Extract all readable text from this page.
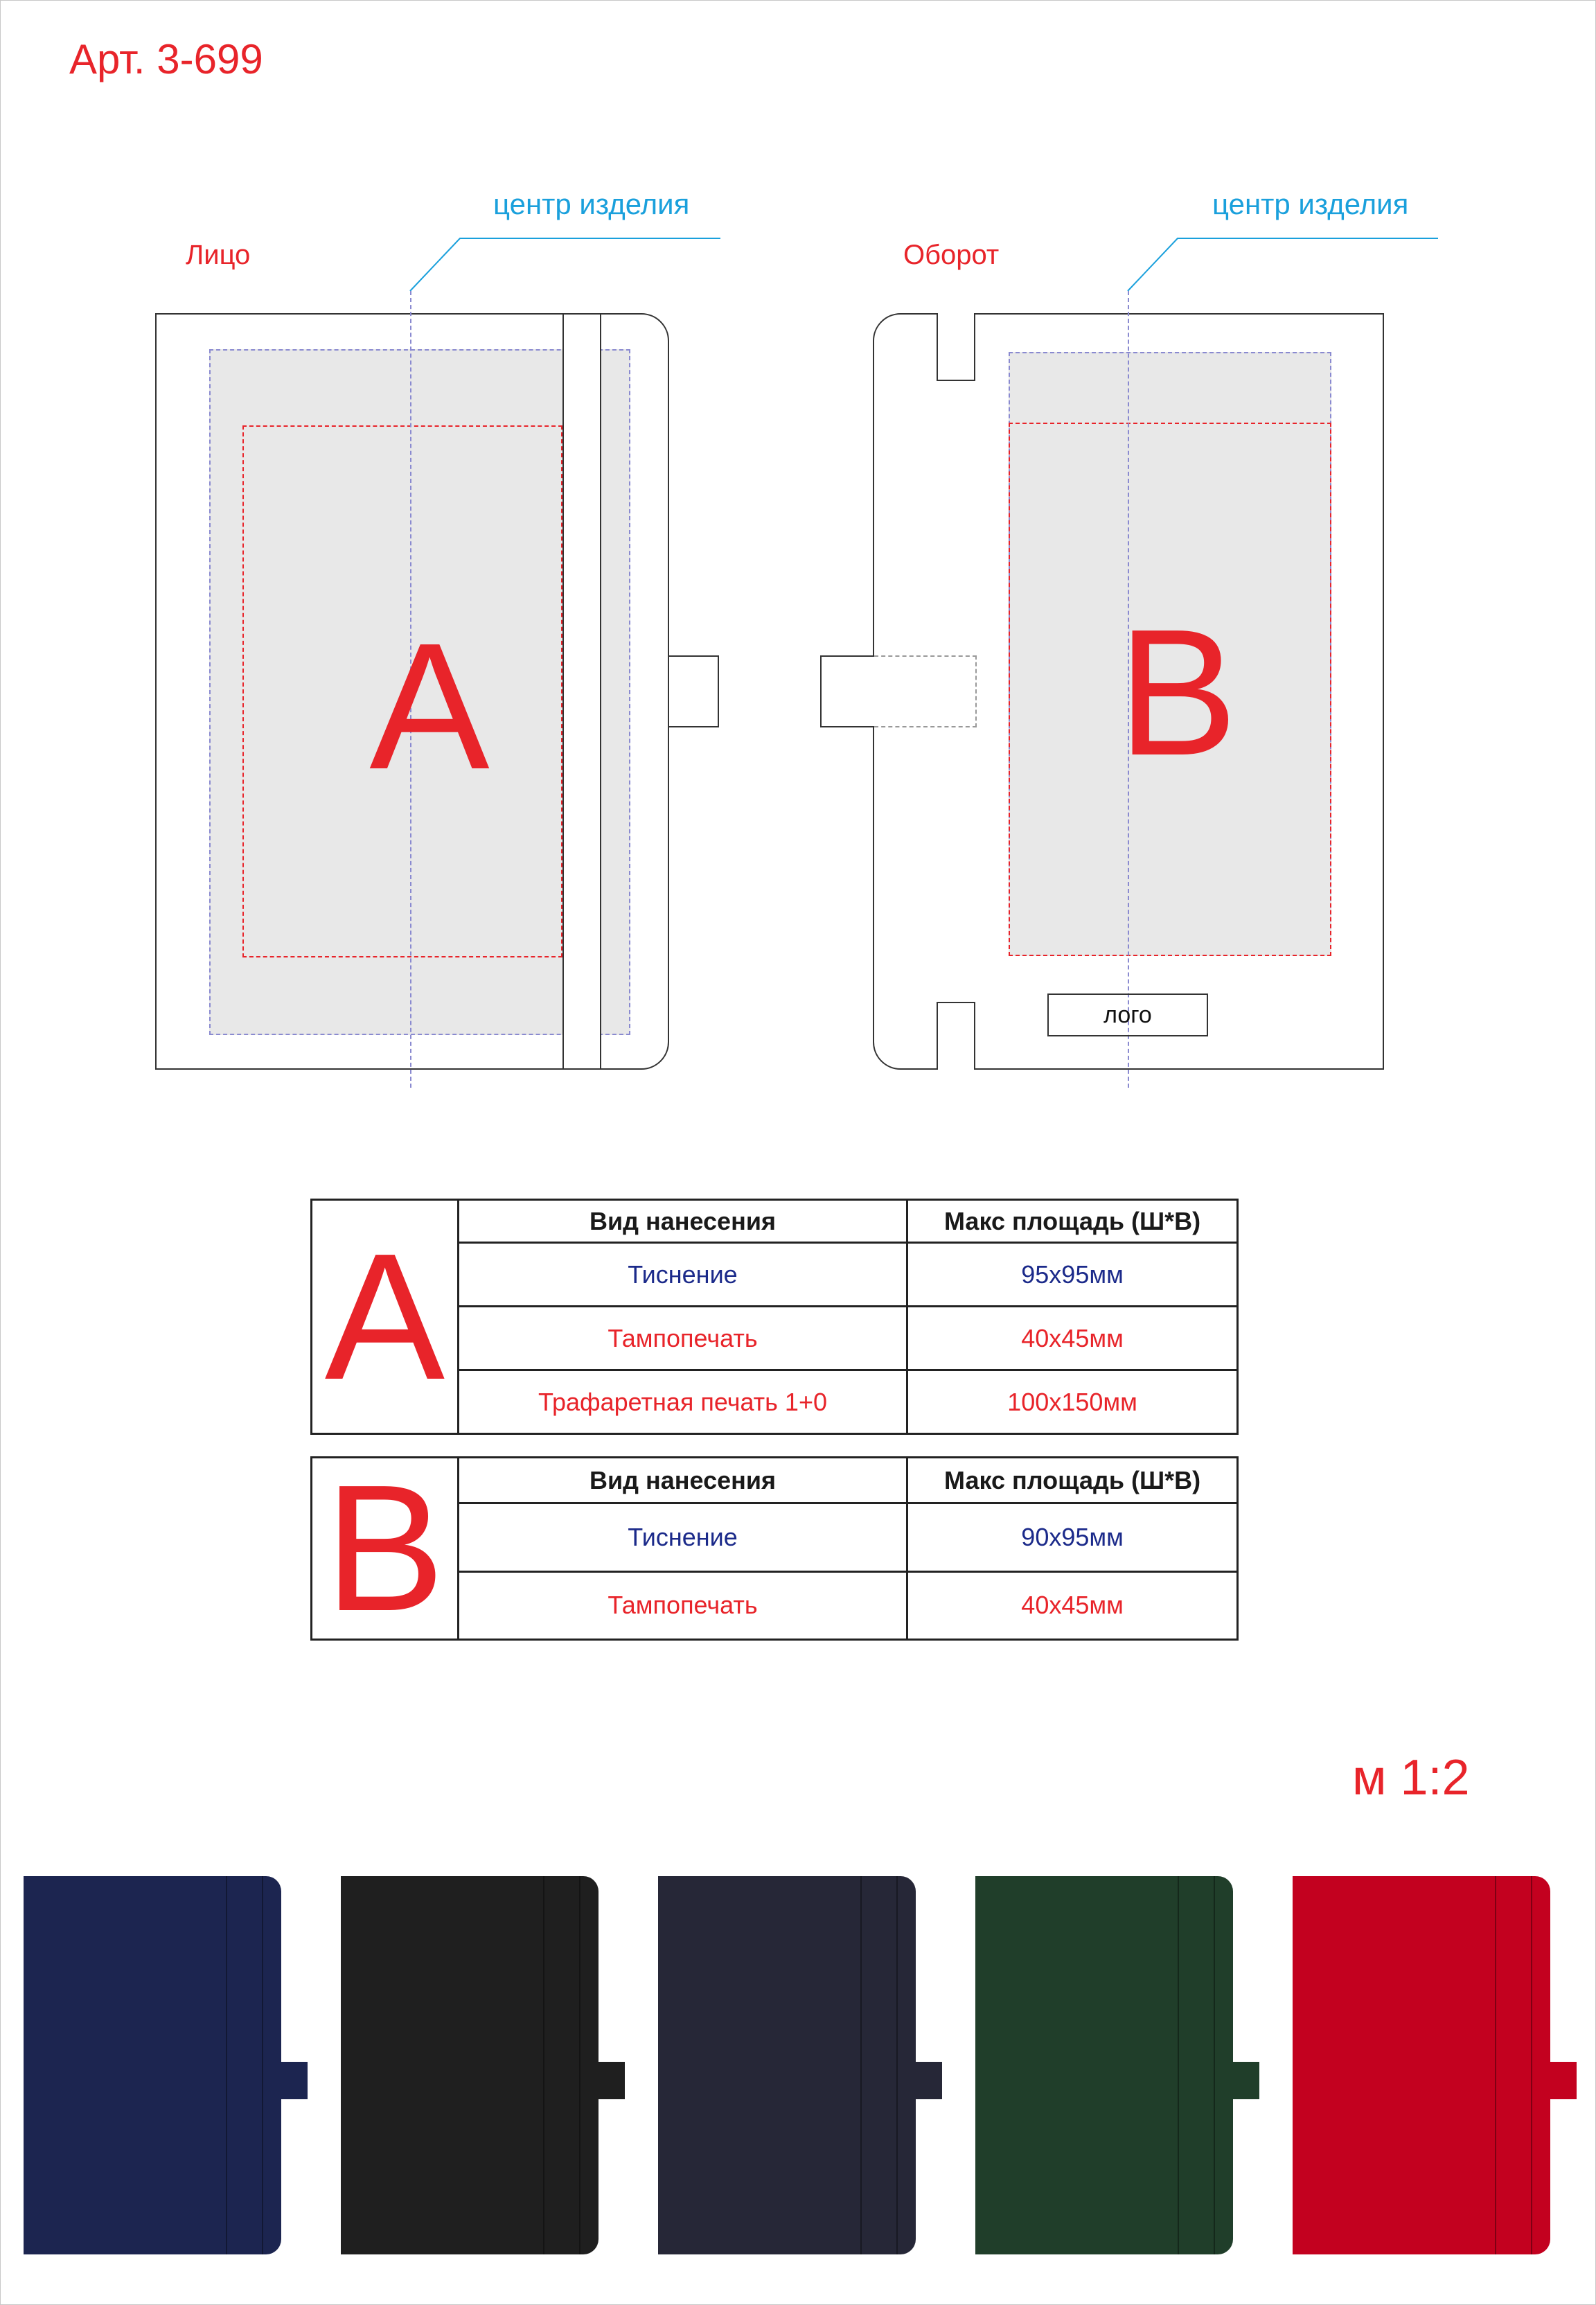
Арт. 3-699
Лицо
центр изделия
A
Оборот
центр изделия
B
лого
A	Вид нанесения	Макс площадь (Ш*В)
	Тиснение	95x95мм
	Тампопечать	40x45мм
	Трафаретная печать 1+0	100x150мм
B	Вид нанесения	Макс площадь (Ш*В)
	Тиснение	90x95мм
	Тампопечать	40x45мм
м 1:2
